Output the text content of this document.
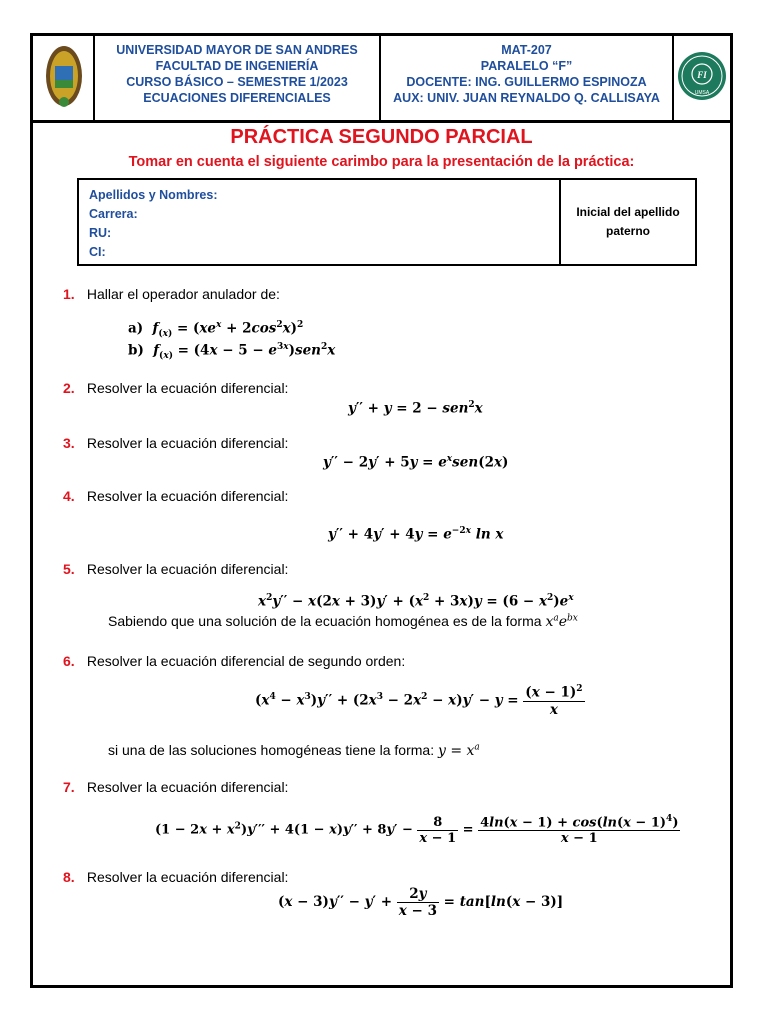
UNIVERSIDAD MAYOR DE SAN ANDRES
FACULTAD DE INGENIERÍA
CURSO BÁSICO – SEMESTRE 1/2023
ECUACIONES DIFERENCIALES
MAT-207
PARALELO “F”
DOCENTE: ING. GUILLERMO ESPINOZA
AUX: UNIV. JUAN REYNALDO Q. CALLISAYA
FI
UMSA
PRÁCTICA SEGUNDO PARCIAL
Tomar en cuenta el siguiente carimbo para la presentación de la práctica:
Apellidos y Nombres:
Carrera:
RU:
CI:
Inicial del apellido
paterno
1. Hallar el operador anulador de:
a)  $f_{(x)} = (xe^x + 2\cos^2x)^2$
b)  $f_{(x)} = (4x - 5 - e^{3x})sen^2x$
2. Resolver la ecuación diferencial:
y′′ + y = 2 − sen$^2$x
3. Resolver la ecuación diferencial:
$y'' - 2y' + 5y = e^xsen(2x)$
4. Resolver la ecuación diferencial:
$y'' + 4y' + 4y = e^{-2x}$ ln x
5. Resolver la ecuación diferencial:
$x^2y'' - x(2x + 3)y' + (x^2 + 3x)y = (6 - x^2)e^x$
Sabiendo que una solución de la ecuación homogénea es de la forma $x^ae^{bx}$
6. Resolver la ecuación diferencial de segundo orden:
$(x^4 - x^3)y'' + (2x^3 - 2x^2 - x)y' - y = \frac{(x - 1)^2}{x}$
si una de las soluciones homogéneas tiene la forma: $y = x^a$
7. Resolver la ecuación diferencial:
$(1 - 2x + x^2)y''' + 4(1 - x)y'' + 8y' - \frac{8}{x - 1} = \frac{4\ln(x - 1) + \cos(\ln(x - 1)^4)}{x - 1}$
8. Resolver la ecuación diferencial:
$(x - 3)y'' - y' + \frac{2y}{x - 3} = \tan[\ln(x - 3)]$
